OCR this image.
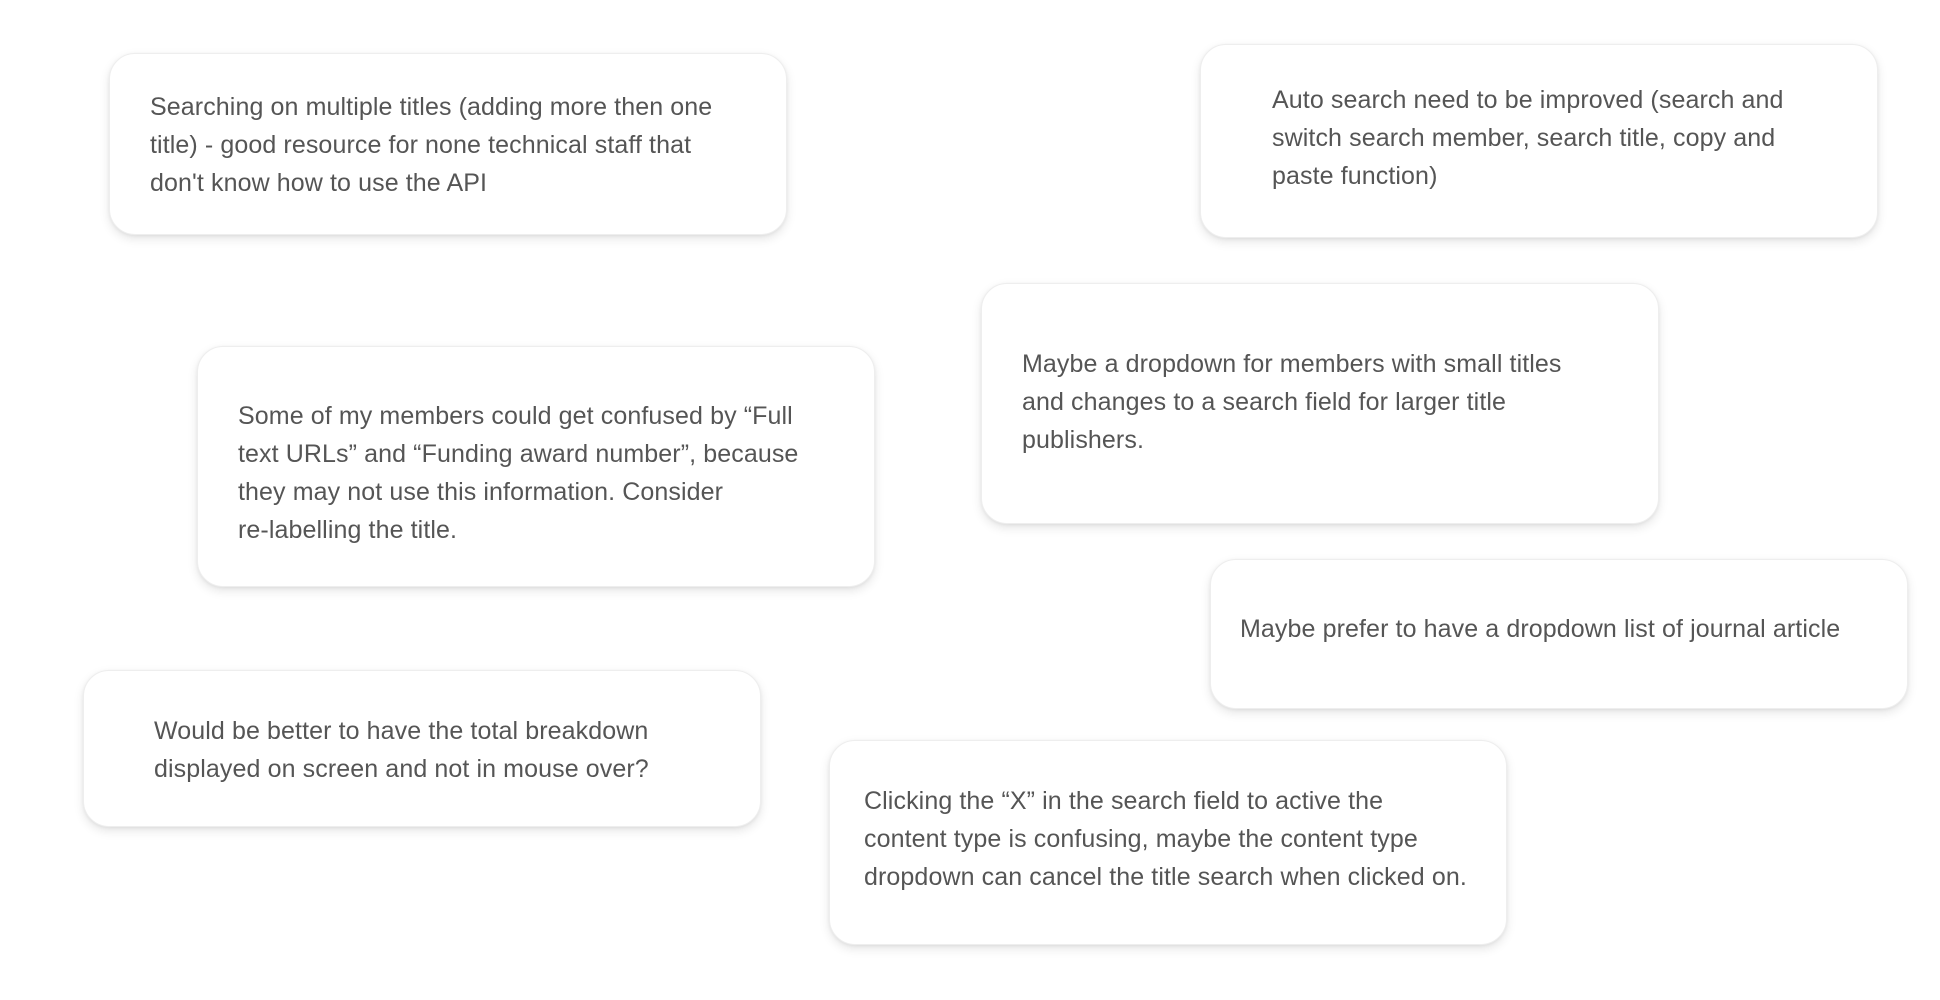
Searching on multiple titles (adding more then one
title) - good resource for none technical staff that
don't know how to use the API

Auto search need to be improved (search and
switch search member, search title, copy and
paste function)

Maybe a dropdown for members with small titles
and changes to a search field for larger title
publishers.

Some of my members could get confused by “Full
text URLs” and “Funding award number”, because
they may not use this information. Consider
re-labelling the title.

Maybe prefer to have a dropdown list of journal article

Would be better to have the total breakdown
displayed on screen and not in mouse over?

Clicking the “X” in the search field to active the
content type is confusing, maybe the content type
dropdown can cancel the title search when clicked on.
